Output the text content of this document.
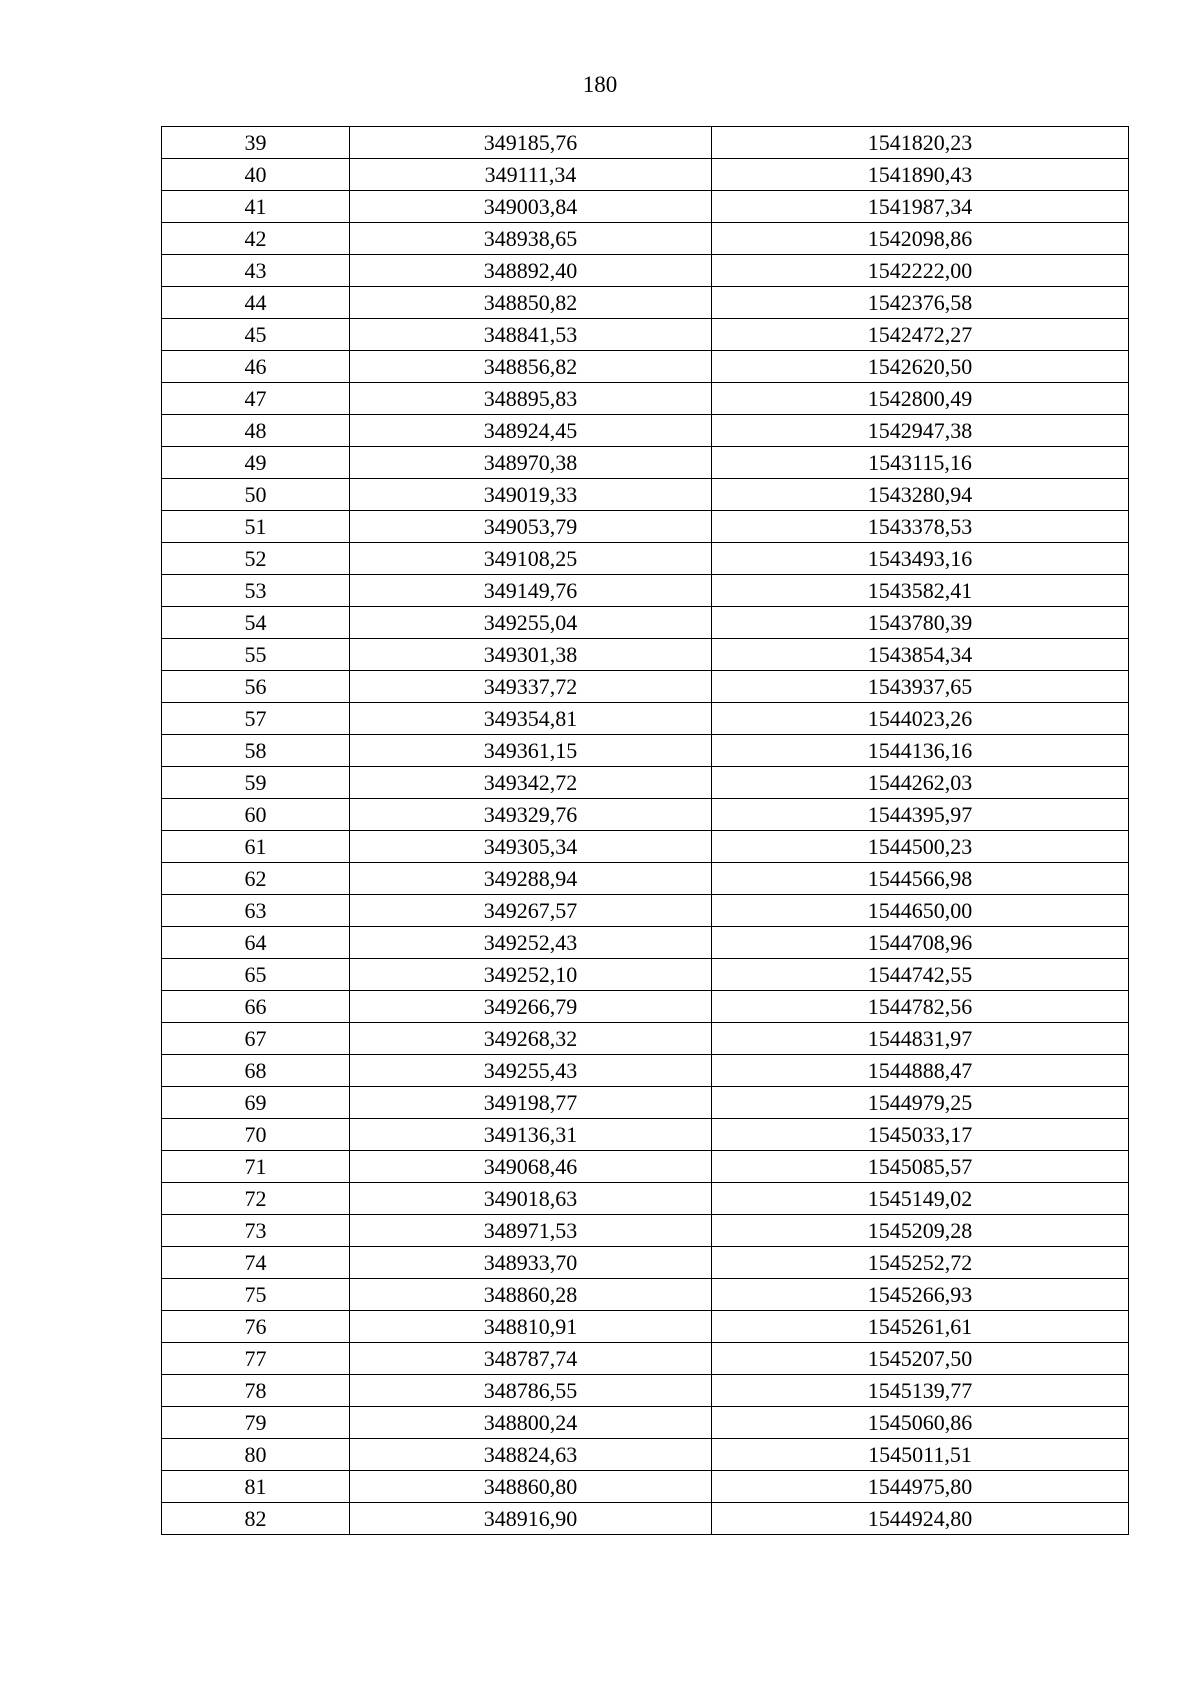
180
39	349185,76	1541820,23
40	349111,34	1541890,43
41	349003,84	1541987,34
42	348938,65	1542098,86
43	348892,40	1542222,00
44	348850,82	1542376,58
45	348841,53	1542472,27
46	348856,82	1542620,50
47	348895,83	1542800,49
48	348924,45	1542947,38
49	348970,38	1543115,16
50	349019,33	1543280,94
51	349053,79	1543378,53
52	349108,25	1543493,16
53	349149,76	1543582,41
54	349255,04	1543780,39
55	349301,38	1543854,34
56	349337,72	1543937,65
57	349354,81	1544023,26
58	349361,15	1544136,16
59	349342,72	1544262,03
60	349329,76	1544395,97
61	349305,34	1544500,23
62	349288,94	1544566,98
63	349267,57	1544650,00
64	349252,43	1544708,96
65	349252,10	1544742,55
66	349266,79	1544782,56
67	349268,32	1544831,97
68	349255,43	1544888,47
69	349198,77	1544979,25
70	349136,31	1545033,17
71	349068,46	1545085,57
72	349018,63	1545149,02
73	348971,53	1545209,28
74	348933,70	1545252,72
75	348860,28	1545266,93
76	348810,91	1545261,61
77	348787,74	1545207,50
78	348786,55	1545139,77
79	348800,24	1545060,86
80	348824,63	1545011,51
81	348860,80	1544975,80
82	348916,90	1544924,80
